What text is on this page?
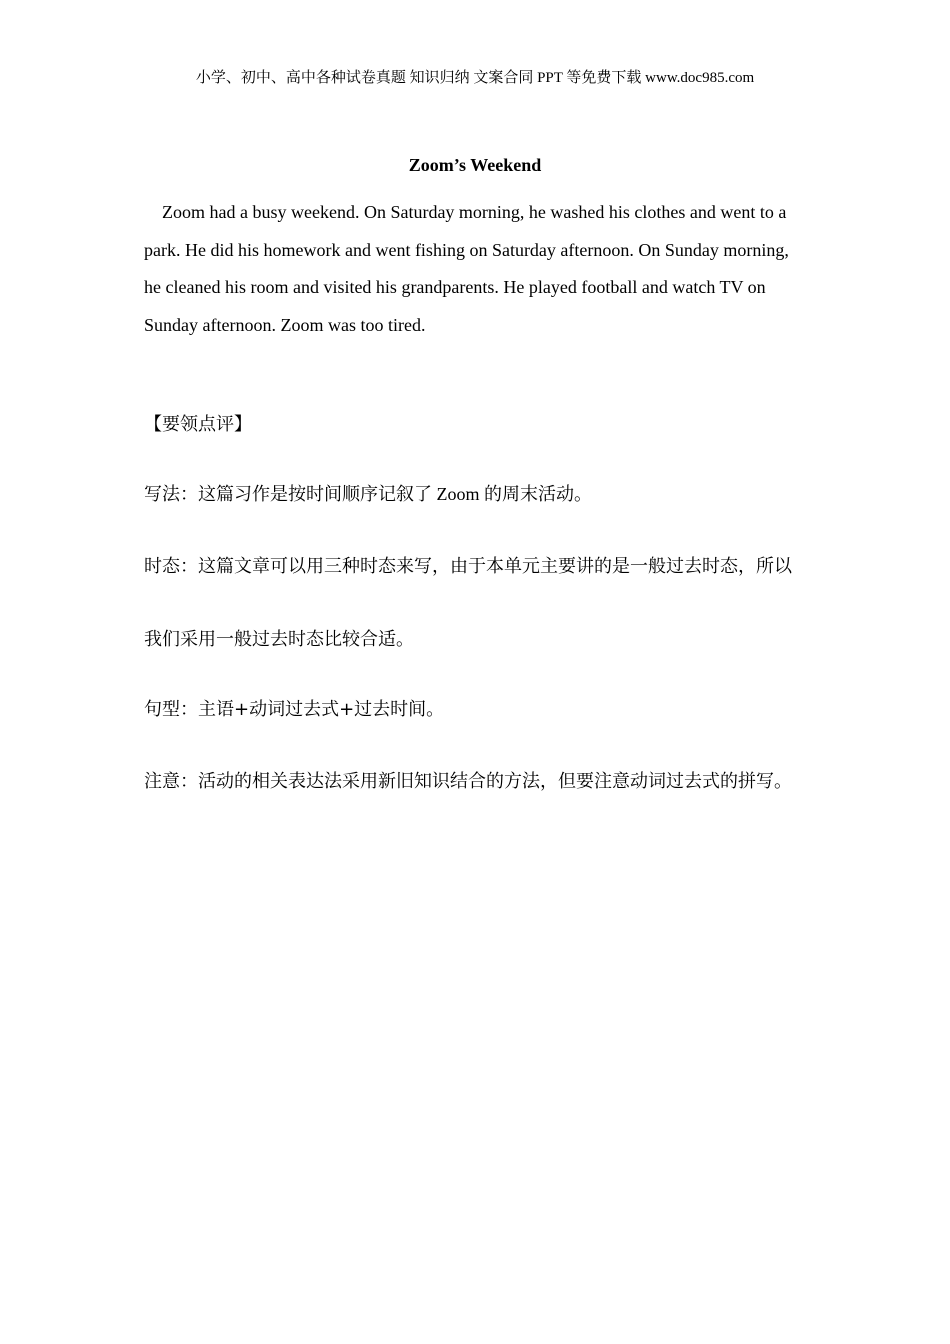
小学、初中、高中各种试卷真题 知识归纳 文案合同 PPT 等免费下载 www.doc985.com
Zoom’s Weekend

Zoom had a busy weekend. On Saturday morning, he washed his clothes and went to a park. He did his homework and went fishing on Saturday afternoon. On Sunday morning, he cleaned his room and visited his grandparents. He played football and watch TV on Sunday afternoon. Zoom was too tired.

【要领点评】

写法：这篇习作是按时间顺序记叙了 Zoom 的周末活动。

时态：这篇文章可以用三种时态来写，由于本单元主要讲的是一般过去时态，所以我们采用一般过去时态比较合适。

句型：主语+动词过去式+过去时间。

注意：活动的相关表达法采用新旧知识结合的方法，但要注意动词过去式的拼写。
